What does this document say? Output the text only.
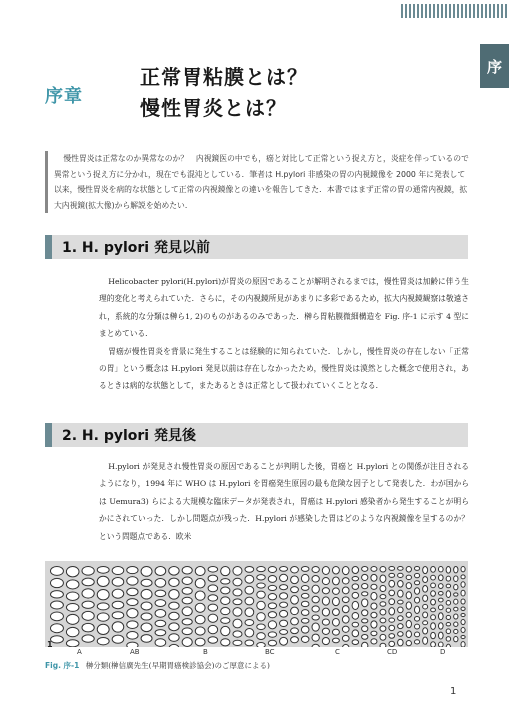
序
序章
正常胃粘膜とは？
慢性胃炎とは？

慢性胃炎は正常なのか異常なのか？　内視鏡医の中でも，癌と対比して正常という捉え方と，炎症を伴っているので異常という捉え方に分かれ，現在でも混沌としている．筆者は H.pylori 非感染の胃の内視鏡像を 2000 年に発表して以来，慢性胃炎を病的な状態として正常の内視鏡像との違いを報告してきた．本書ではまず正常の胃の通常内視鏡，拡大内視鏡(拡大像)から解説を始めたい．

1. H. pylori 発見以前

Helicobacter pylori(H.pylori)が胃炎の原因であることが解明されるまでは，慢性胃炎は加齢に伴う生理的変化と考えられていた．さらに，その内視鏡所見があまりに多彩であるため，拡大内視鏡観察は敬遠され，系統的な分類は榊ら1, 2)のものがあるのみであった．榊ら胃粘膜微細構造を Fig. 序-1 に示す 4 型にまとめている．

胃癌が慢性胃炎を背景に発生することは経験的に知られていた．しかし，慢性胃炎の存在しない「正常の胃」という概念は H.pylori 発見以前は存在しなかったため，慢性胃炎は漠然とした概念で使用され，あるときは病的な状態として，またあるときは正常として扱われていくこととなる．

2. H. pylori 発見後

H.pylori が発見され慢性胃炎の原因であることが判明した後，胃癌と H.pylori との関係が注目されるようになり，1994 年に WHO は H.pylori を胃癌発生原因の最も危険な因子として発表した．わが国からは Uemura3) らによる大規模な臨床データが発表され，胃癌は H.pylori 感染者から発生することが明らかにされていった．しかし問題点が残った．H.pylori が感染した胃はどのような内視鏡像を呈するのか？　という問題点である．欧米

1
A	AB	B	BC	C	CD	D
Fig. 序-1 榊分類(榊信廣先生(早期胃癌検診協会)のご厚意による)
1
